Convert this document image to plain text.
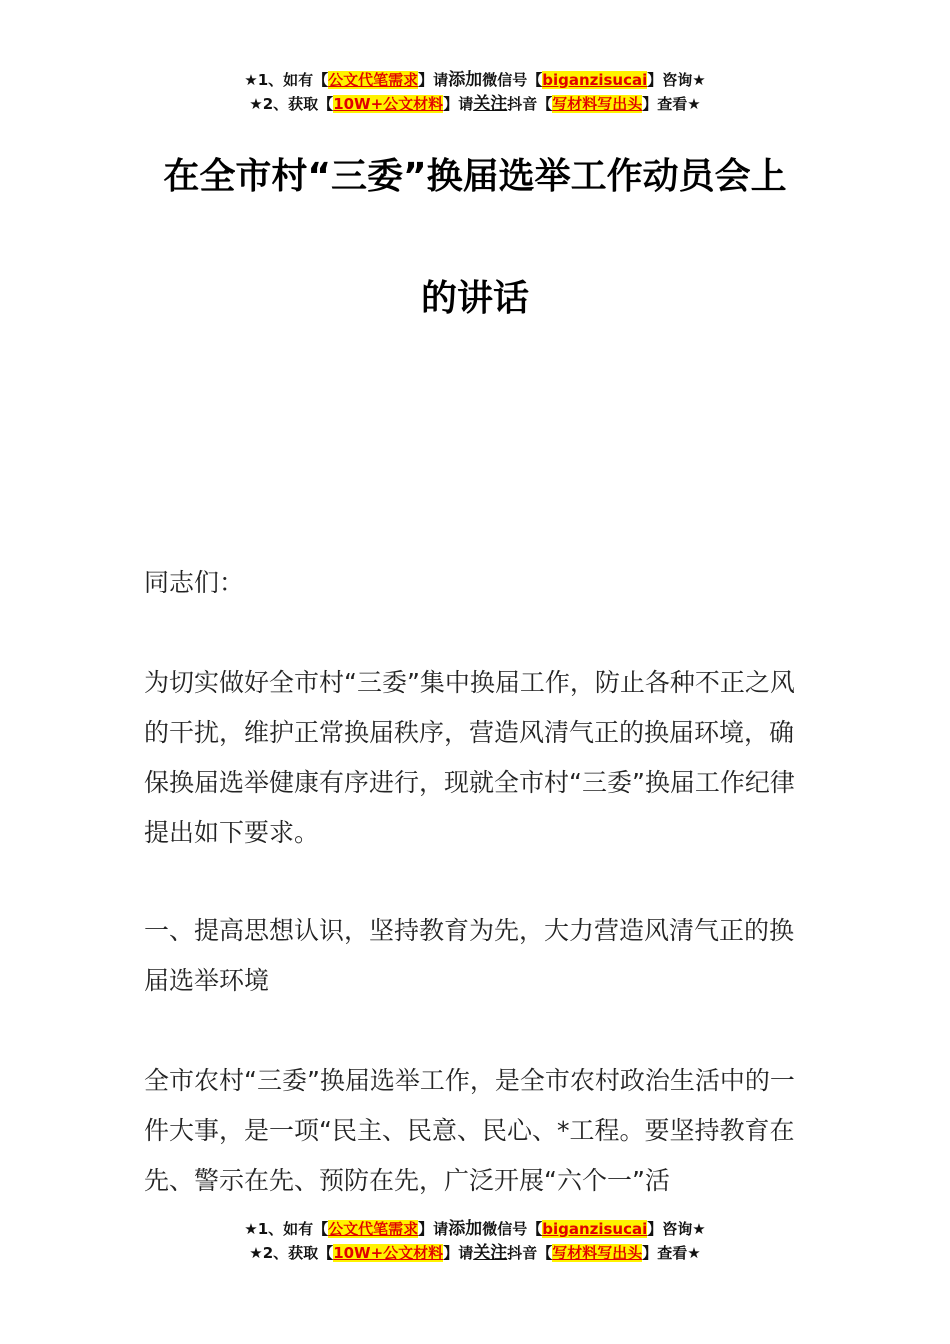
★1、如有【公文代笔需求】请添加微信号【biganzisucai】咨询★
★2、获取【10W+公文材料】请关注抖音【写材料写出头】查看★
在全市村“三委”换届选举工作动员会上
的讲话

同志们：

为切实做好全市村“三委”集中换届工作，防止各种不正之风的干扰，维护正常换届秩序，营造风清气正的换届环境，确保换届选举健康有序进行，现就全市村“三委”换届工作纪律提出如下要求。

一、提高思想认识，坚持教育为先，大力营造风清气正的换届选举环境

全市农村“三委”换届选举工作，是全市农村政治生活中的一件大事，是一项“民主、民意、民心、*工程。要坚持教育在先、警示在先、预防在先，广泛开展“六个一”活

★1、如有【公文代笔需求】请添加微信号【biganzisucai】咨询★
★2、获取【10W+公文材料】请关注抖音【写材料写出头】查看★
